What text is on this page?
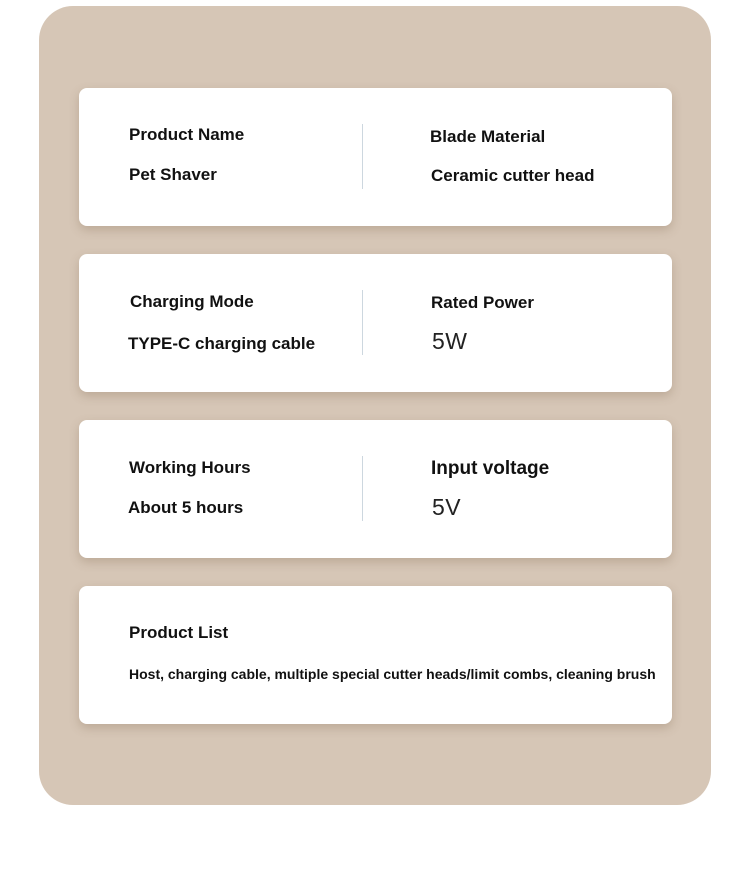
Product Name
Pet Shaver
Blade Material
Ceramic cutter head
Charging Mode
TYPE-C charging cable
Rated Power
5W
Working Hours
About 5 hours
Input voltage
5V
Product List
Host, charging cable, multiple special cutter heads/limit combs, cleaning brush
